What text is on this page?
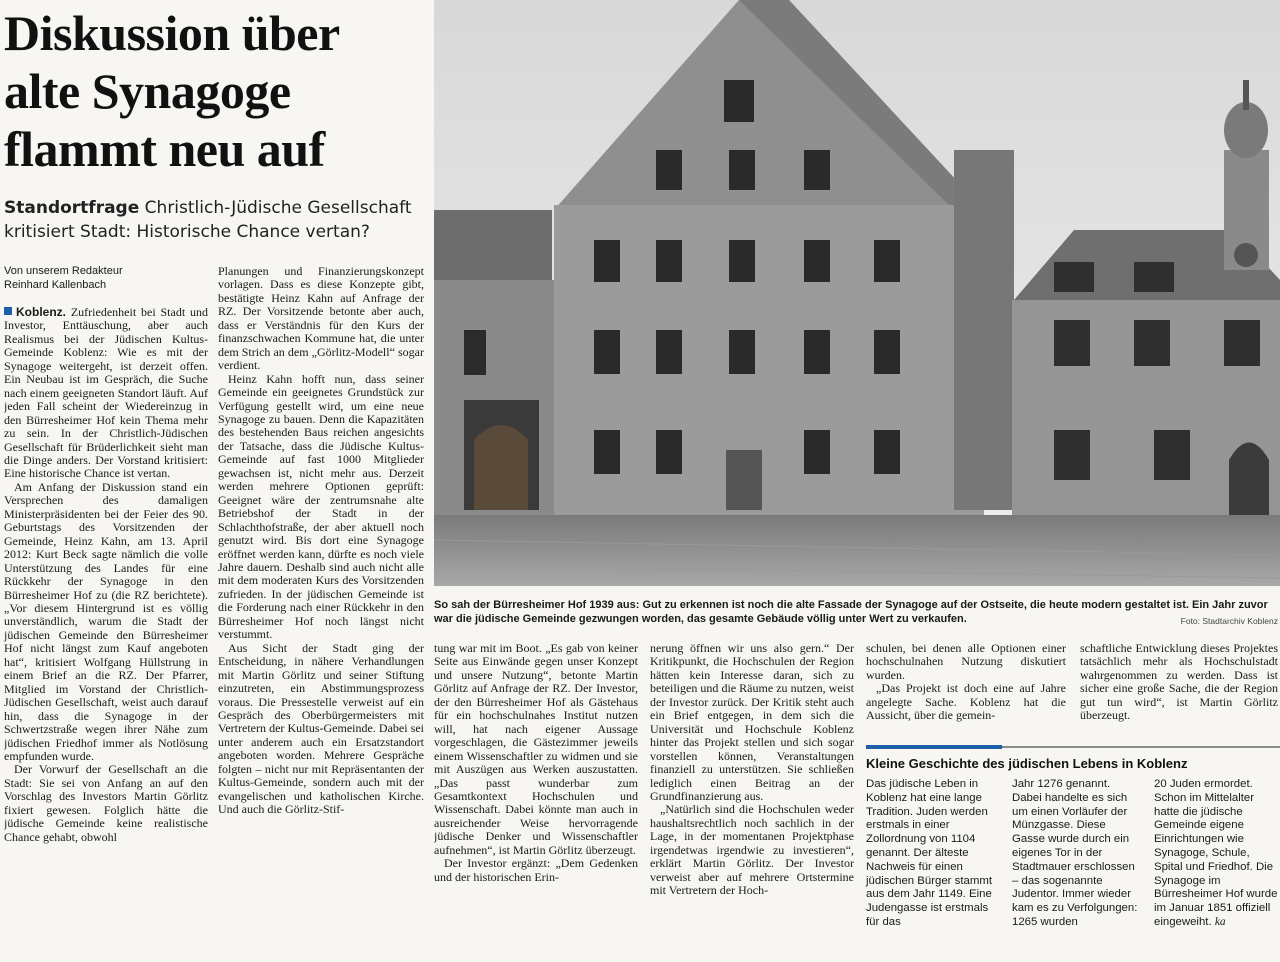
Diskussion über
alte Synagoge
flammt neu auf
Standortfrage Christlich-Jüdische Gesellschaft kritisiert Stadt: Historische Chance vertan?
Von unserem Redakteur
Reinhard Kallenbach

Koblenz. Zufriedenheit bei Stadt und Investor, Enttäuschung, aber auch Realismus bei der Jüdischen Kultus-Gemeinde Koblenz: Wie es mit der Synagoge weitergeht, ist derzeit offen. Ein Neubau ist im Gespräch, die Suche nach einem geeigneten Standort läuft. Auf jeden Fall scheint der Wiedereinzug in den Bürresheimer Hof kein Thema mehr zu sein. In der Christlich-Jüdischen Gesellschaft für Brüderlichkeit sieht man die Dinge anders. Der Vorstand kritisiert: Eine historische Chance ist vertan.

Am Anfang der Diskussion stand ein Versprechen des damaligen Ministerpräsidenten bei der Feier des 90. Geburtstags des Vorsitzenden der Gemeinde, Heinz Kahn, am 13. April 2012: Kurt Beck sagte nämlich die volle Unterstützung des Landes für eine Rückkehr der Synagoge in den Bürresheimer Hof zu (die RZ berichtete). „Vor diesem Hintergrund ist es völlig unverständlich, warum die Stadt der jüdischen Gemeinde den Bürresheimer Hof nicht längst zum Kauf angeboten hat“, kritisiert Wolfgang Hüllstrung in einem Brief an die RZ. Der Pfarrer, Mitglied im Vorstand der Christlich-Jüdischen Gesellschaft, weist auch darauf hin, dass die Synagoge in der Schwertzstraße wegen ihrer Nähe zum jüdischen Friedhof immer als Notlösung empfunden wurde.

Der Vorwurf der Gesellschaft an die Stadt: Sie sei von Anfang an auf den Vorschlag des Investors Martin Görlitz fixiert gewesen. Folglich hätte die jüdische Gemeinde keine realistische Chance gehabt, obwohl

Planungen und Finanzierungskonzept vorlagen. Dass es diese Konzepte gibt, bestätigte Heinz Kahn auf Anfrage der RZ. Der Vorsitzende betonte aber auch, dass er Verständnis für den Kurs der finanzschwachen Kommune hat, die unter dem Strich an dem „Görlitz-Modell“ sogar verdient.

Heinz Kahn hofft nun, dass seiner Gemeinde ein geeignetes Grundstück zur Verfügung gestellt wird, um eine neue Synagoge zu bauen. Denn die Kapazitäten des bestehenden Baus reichen angesichts der Tatsache, dass die Jüdische Kultus-Gemeinde auf fast 1000 Mitglieder gewachsen ist, nicht mehr aus. Derzeit werden mehrere Optionen geprüft: Geeignet wäre der zentrumsnahe alte Betriebshof der Stadt in der Schlachthofstraße, der aber aktuell noch genutzt wird. Bis dort eine Synagoge eröffnet werden kann, dürfte es noch viele Jahre dauern. Deshalb sind auch nicht alle mit dem moderaten Kurs des Vorsitzenden zufrieden. In der jüdischen Gemeinde ist die Forderung nach einer Rückkehr in den Bürresheimer Hof noch längst nicht verstummt.

Aus Sicht der Stadt ging der Entscheidung, in nähere Verhandlungen mit Martin Görlitz und seiner Stiftung einzutreten, ein Abstimmungsprozess voraus. Die Pressestelle verweist auf ein Gespräch des Oberbürgermeisters mit Vertretern der Kultus-Gemeinde. Dabei sei unter anderem auch ein Ersatzstandort angeboten worden. Mehrere Gespräche folgten – nicht nur mit Repräsentanten der Kultus-Gemeinde, sondern auch mit der evangelischen und katholischen Kirche. Und auch die Görlitz-Stif-

So sah der Bürresheimer Hof 1939 aus: Gut zu erkennen ist noch die alte Fassade der Synagoge auf der Ostseite, die heute modern gestaltet ist. Ein Jahr zuvor war die jüdische Gemeinde gezwungen worden, das gesamte Gebäude völlig unter Wert zu verkaufen.	Foto: Stadtarchiv Koblenz

tung war mit im Boot. „Es gab von keiner Seite aus Einwände gegen unser Konzept und unsere Nutzung“, betonte Martin Görlitz auf Anfrage der RZ. Der Investor, der den Bürresheimer Hof als Gästehaus für ein hochschulnahes Institut nutzen will, hat nach eigener Aussage vorgeschlagen, die Gästezimmer jeweils einem Wissenschaftler zu widmen und sie mit Auszügen aus Werken auszustatten. „Das passt wunderbar zum Gesamtkontext Hochschulen und Wissenschaft. Dabei könnte man auch in ausreichender Weise hervorragende jüdische Denker und Wissenschaftler aufnehmen“, ist Martin Görlitz überzeugt.

Der Investor ergänzt: „Dem Gedenken und der historischen Erin-

nerung öffnen wir uns also gern.“ Der Kritikpunkt, die Hochschulen der Region hätten kein Interesse daran, sich zu beteiligen und die Räume zu nutzen, weist der Investor zurück. Der Kritik steht auch ein Brief entgegen, in dem sich die Universität und Hochschule Koblenz hinter das Projekt stellen und sich sogar vorstellen können, Veranstaltungen finanziell zu unterstützen. Sie schließen lediglich einen Beitrag an der Grundfinanzierung aus.

„Natürlich sind die Hochschulen weder haushaltsrechtlich noch sachlich in der Lage, in der momentanen Projektphase irgendetwas irgendwie zu investieren“, erklärt Martin Görlitz. Der Investor verweist aber auf mehrere Ortstermine mit Vertretern der Hoch-

schulen, bei denen alle Optionen einer hochschulnahen Nutzung diskutiert wurden.

„Das Projekt ist doch eine auf Jahre angelegte Sache. Koblenz hat die Aussicht, über die gemein-

schaftliche Entwicklung dieses Projektes tatsächlich mehr als Hochschulstadt wahrgenommen zu werden. Dass ist sicher eine große Sache, die der Region gut tun wird“, ist Martin Görlitz überzeugt.

Kleine Geschichte des jüdischen Lebens in Koblenz

Das jüdische Leben in Koblenz hat eine lange Tradition. Juden werden erstmals in einer Zollordnung von 1104 genannt. Der älteste Nachweis für einen jüdischen Bürger stammt aus dem Jahr 1149. Eine Judengasse ist erstmals für das

Jahr 1276 genannt. Dabei handelte es sich um einen Vorläufer der Münzgasse. Diese Gasse wurde durch ein eigenes Tor in der Stadtmauer erschlossen – das sogenannte Judentor. Immer wieder kam es zu Verfolgungen: 1265 wurden

20 Juden ermordet. Schon im Mittelalter hatte die jüdische Gemeinde eigene Einrichtungen wie Synagoge, Schule, Spital und Friedhof. Die Synagoge im Bürresheimer Hof wurde im Januar 1851 offiziell eingeweiht. ka
